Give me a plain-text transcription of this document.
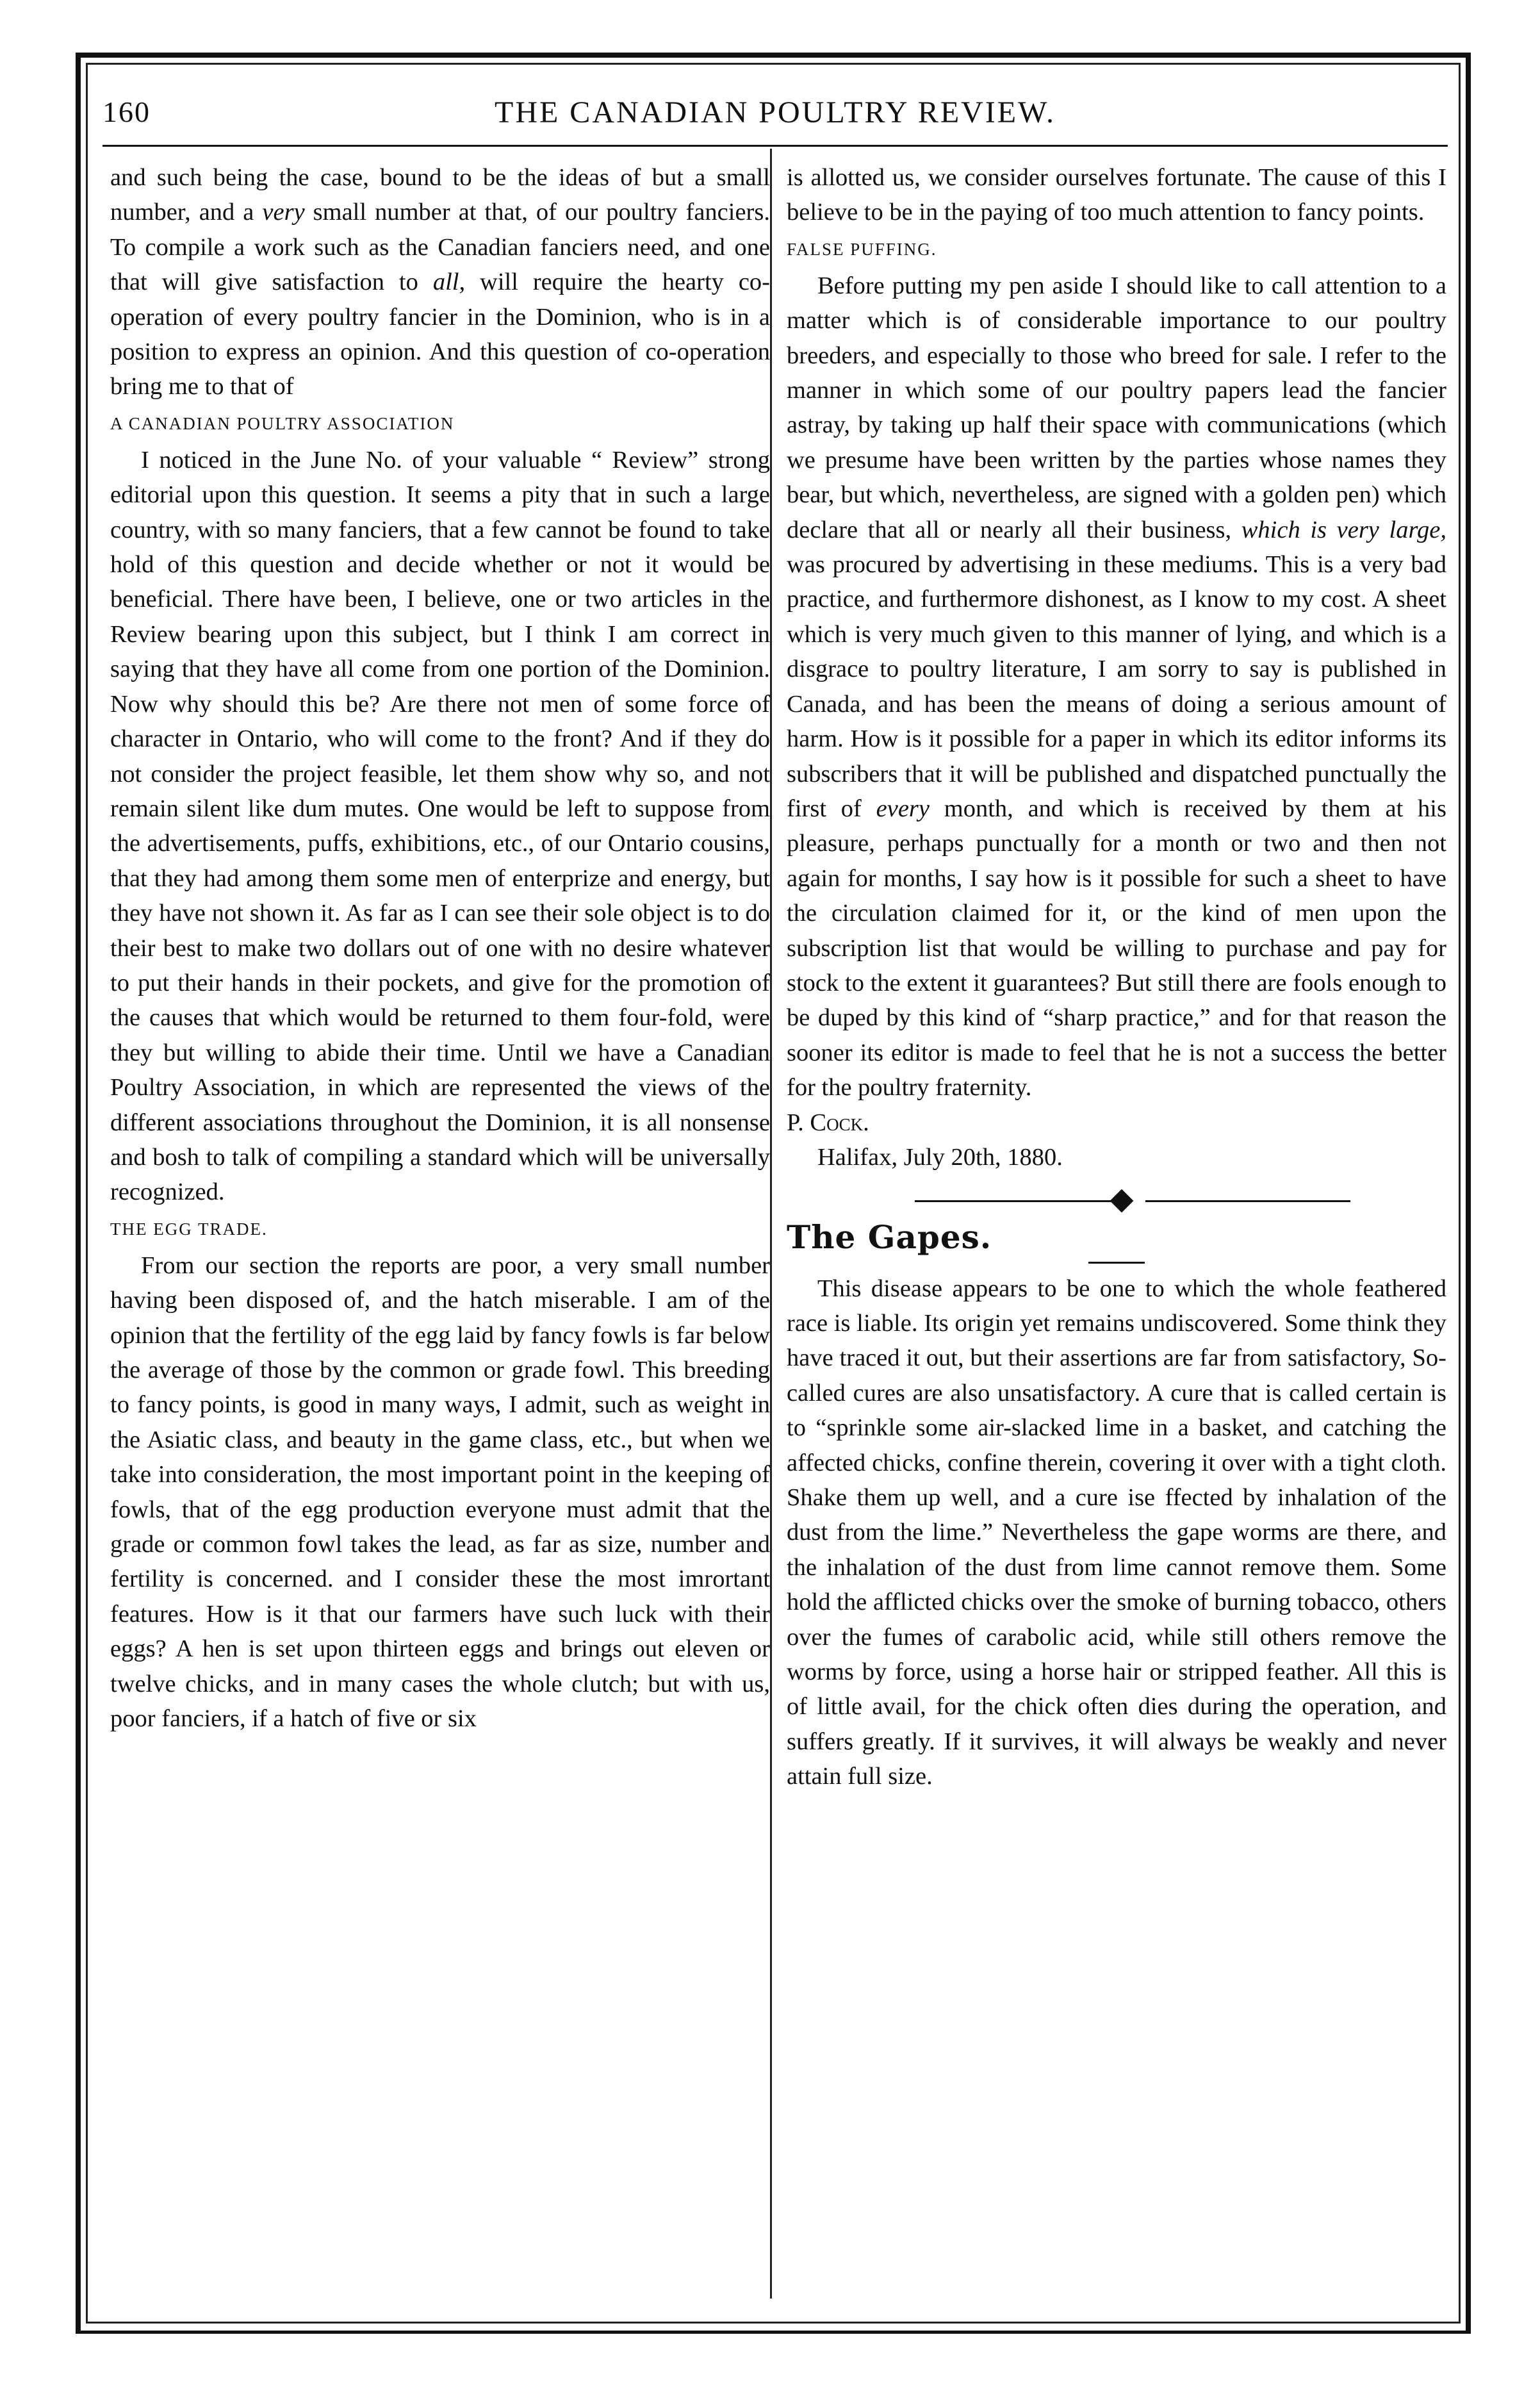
160	THE CANADIAN POULTRY REVIEW.

and such being the case, bound to be the ideas of but a small number, and a very small number at that, of our poultry fanciers. To compile a work such as the Canadian fanciers need, and one that will give satisfaction to all, will require the hearty co-operation of every poultry fancier in the Dominion, who is in a position to express an opinion. And this question of co-operation bring me to that of

A CANADIAN POULTRY ASSOCIATION

I noticed in the June No. of your valuable “ Review” strong editorial upon this question. It seems a pity that in such a large country, with so many fanciers, that a few cannot be found to take hold of this question and decide whether or not it would be beneficial. There have been, I believe, one or two articles in the Review bearing upon this subject, but I think I am correct in saying that they have all come from one portion of the Dominion. Now why should this be? Are there not men of some force of character in Ontario, who will come to the front? And if they do not consider the project feasible, let them show why so, and not remain silent like dum mutes. One would be left to suppose from the advertisements, puffs, exhibitions, etc., of our Ontario cousins, that they had among them some men of enterprize and energy, but they have not shown it. As far as I can see their sole object is to do their best to make two dollars out of one with no desire whatever to put their hands in their pockets, and give for the promotion of the causes that which would be returned to them four-fold, were they but willing to abide their time. Until we have a Canadian Poultry Association, in which are represented the views of the different associations throughout the Dominion, it is all nonsense and bosh to talk of compiling a standard which will be universally recognized.

THE EGG TRADE.

From our section the reports are poor, a very small number having been disposed of, and the hatch miserable. I am of the opinion that the fertility of the egg laid by fancy fowls is far below the average of those by the common or grade fowl. This breeding to fancy points, is good in many ways, I admit, such as weight in the Asiatic class, and beauty in the game class, etc., but when we take into consideration, the most important point in the keeping of fowls, that of the egg production everyone must admit that the grade or common fowl takes the lead, as far as size, number and fertility is concerned. and I consider these the most imrortant features. How is it that our farmers have such luck with their eggs? A hen is set upon thirteen eggs and brings out eleven or twelve chicks, and in many cases the whole clutch; but with us, poor fanciers, if a hatch of five or six

is allotted us, we consider ourselves fortunate. The cause of this I believe to be in the paying of too much attention to fancy points.

FALSE PUFFING.

Before putting my pen aside I should like to call attention to a matter which is of considerable importance to our poultry breeders, and especially to those who breed for sale. I refer to the manner in which some of our poultry papers lead the fancier astray, by taking up half their space with communications (which we presume have been written by the parties whose names they bear, but which, nevertheless, are signed with a golden pen) which declare that all or nearly all their business, which is very large, was procured by advertising in these mediums. This is a very bad practice, and furthermore dishonest, as I know to my cost. A sheet which is very much given to this manner of lying, and which is a disgrace to poultry literature, I am sorry to say is published in Canada, and has been the means of doing a serious amount of harm. How is it possible for a paper in which its editor informs its subscribers that it will be published and dispatched punctually the first of every month, and which is received by them at his pleasure, perhaps punctually for a month or two and then not again for months, I say how is it possible for such a sheet to have the circulation claimed for it, or the kind of men upon the subscription list that would be willing to purchase and pay for stock to the extent it guarantees? But still there are fools enough to be duped by this kind of “sharp practice,” and for that reason the sooner its editor is made to feel that he is not a success the better for the poultry fraternity.

P. Cock.

Halifax, July 20th, 1880.

The Gapes.

This disease appears to be one to which the whole feathered race is liable. Its origin yet remains undiscovered. Some think they have traced it out, but their assertions are far from satisfactory, So-called cures are also unsatisfactory. A cure that is called certain is to “sprinkle some air-slacked lime in a basket, and catching the affected chicks, confine therein, covering it over with a tight cloth. Shake them up well, and a cure ise ffected by inhalation of the dust from the lime.” Nevertheless the gape worms are there, and the inhalation of the dust from lime cannot remove them. Some hold the afflicted chicks over the smoke of burning tobacco, others over the fumes of carabolic acid, while still others remove the worms by force, using a horse hair or stripped feather. All this is of little avail, for the chick often dies during the operation, and suffers greatly. If it survives, it will always be weakly and never attain full size.
